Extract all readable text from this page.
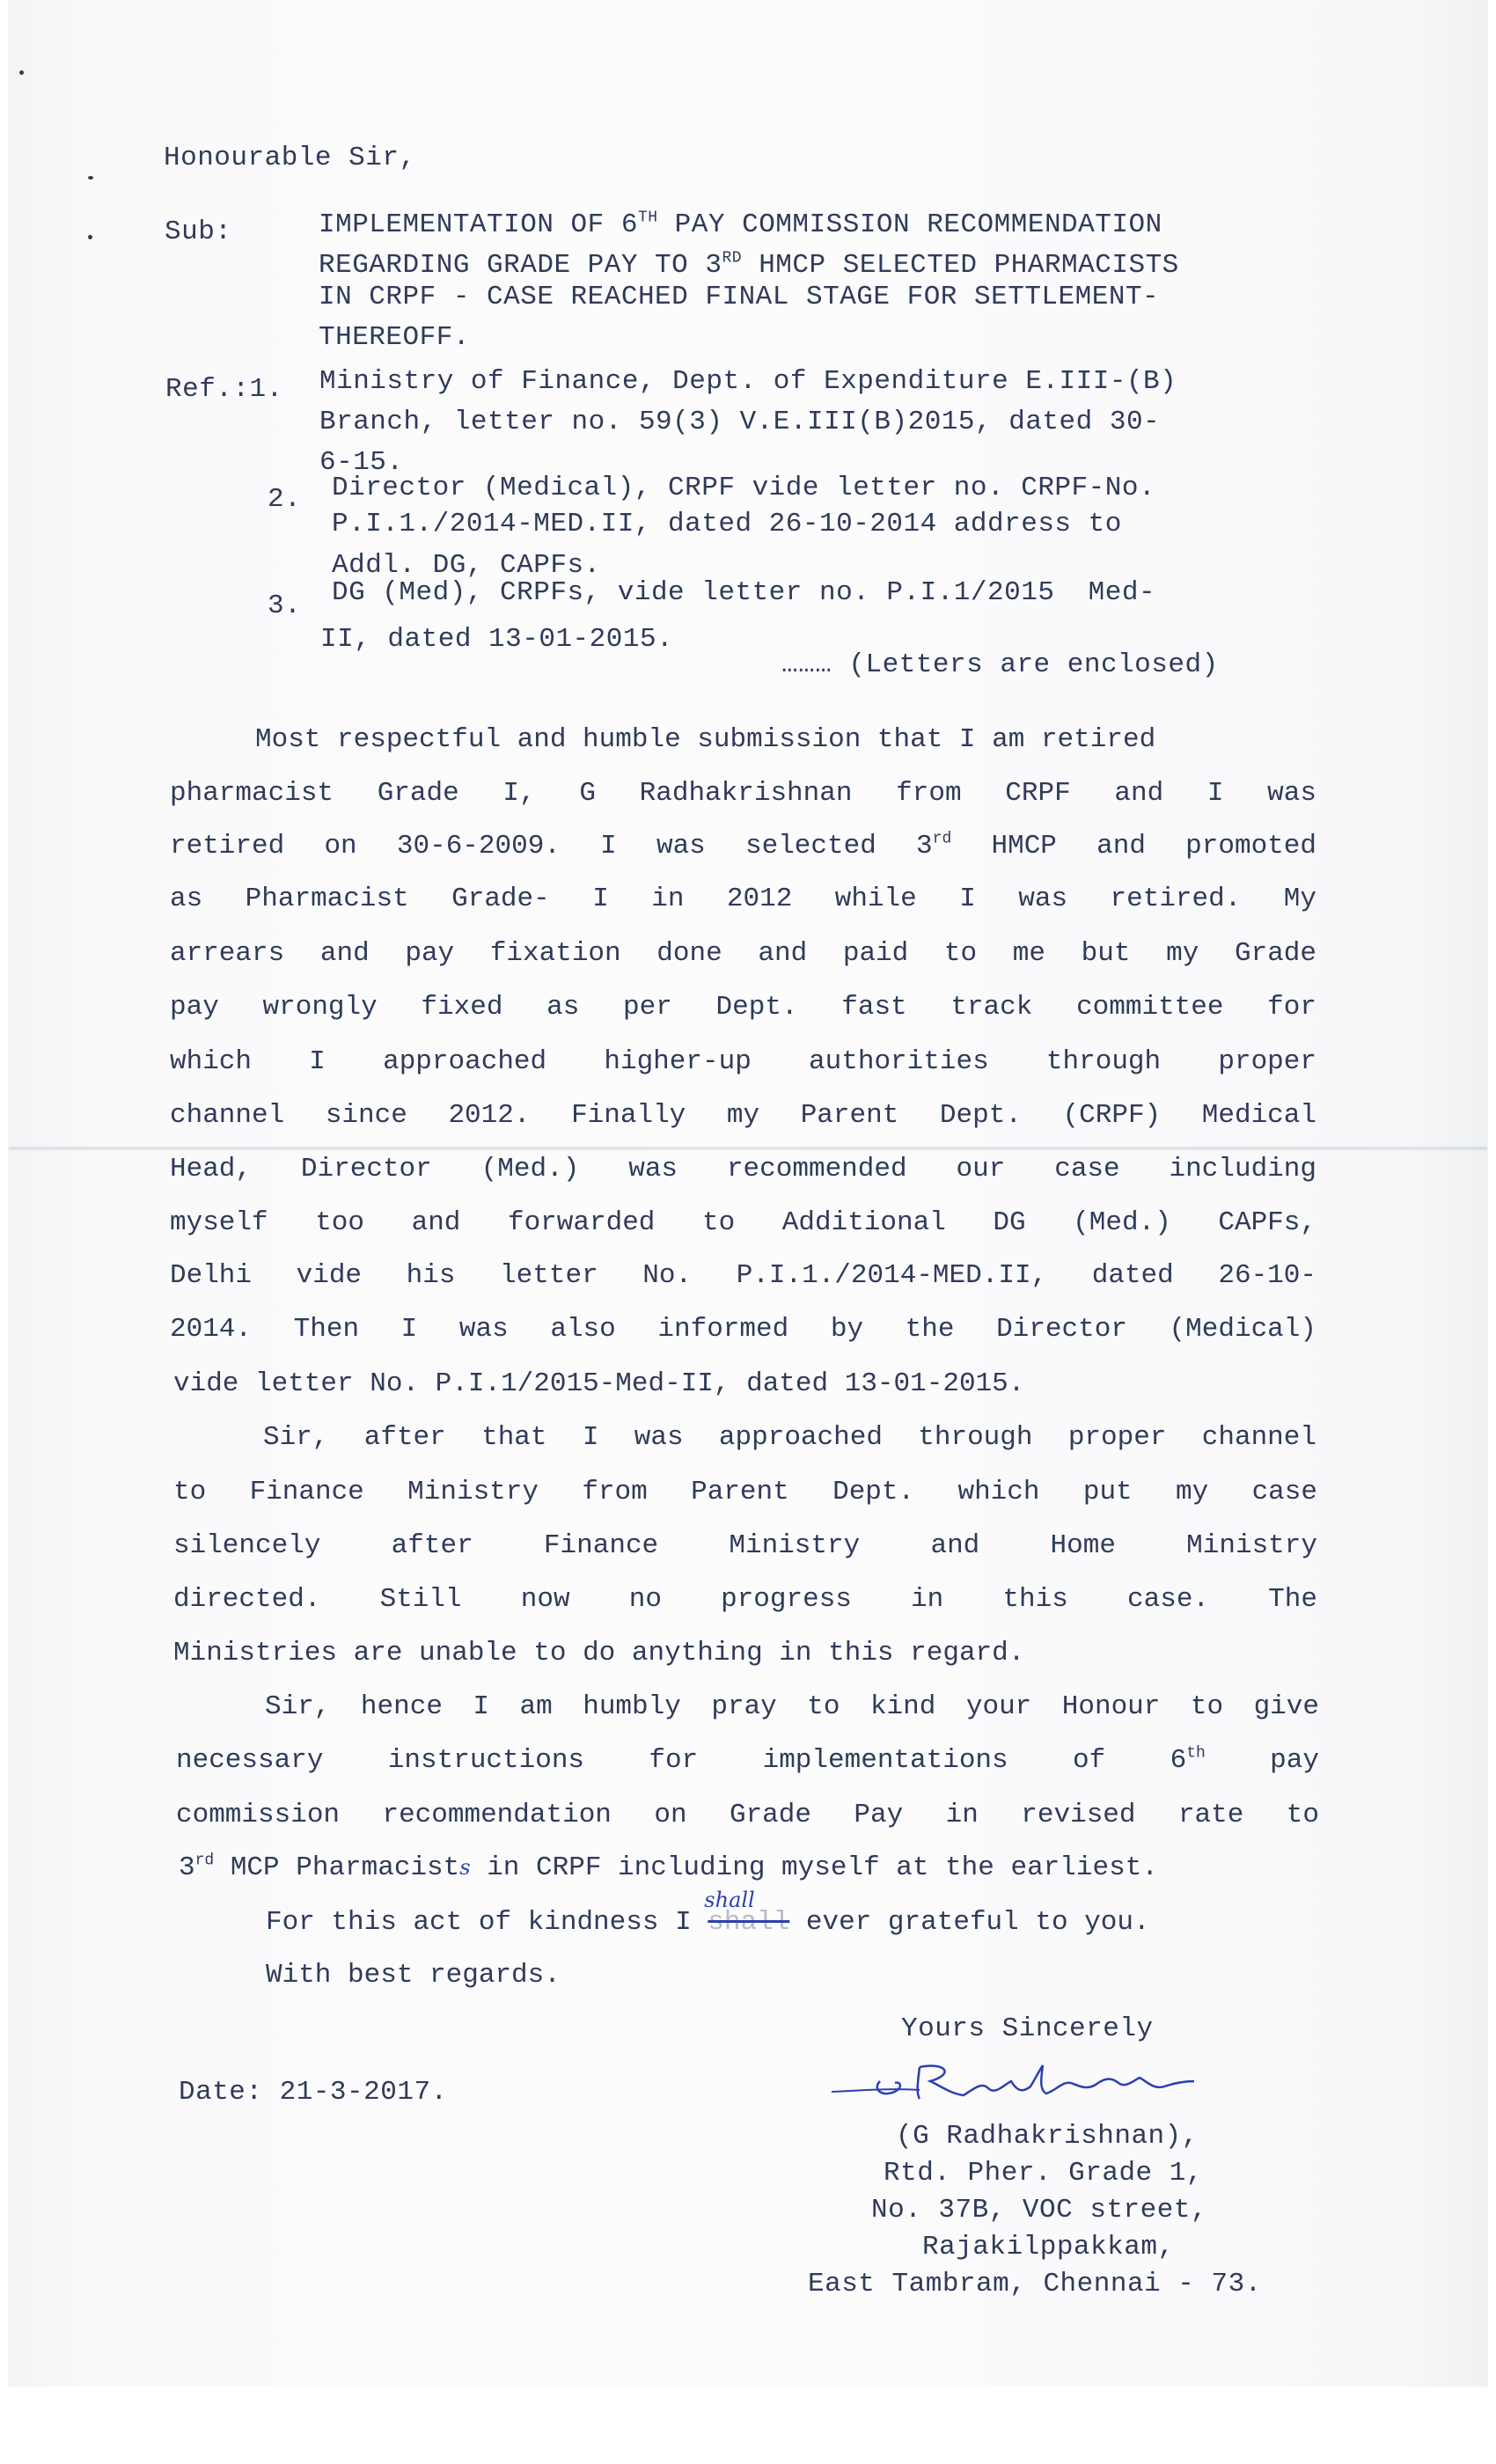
Honourable Sir,
Sub:	IMPLEMENTATION OF 6TH PAY COMMISSION RECOMMENDATION
REGARDING GRADE PAY TO 3RD HMCP SELECTED PHARMACISTS
IN CRPF - CASE REACHED FINAL STAGE FOR SETTLEMENT-
THEREOFF.
Ref.:1. Ministry of Finance, Dept. of Expenditure E.III-(B)
Branch, letter no. 59(3) V.E.III(B)2015, dated 30-
6-15.
2. Director (Medical), CRPF vide letter no. CRPF-No.
P.I.1./2014-MED.II, dated 26-10-2014 address to
Addl. DG, CAPFs.
3. DG (Med), CRPFs, vide letter no. P.I.1/2015  Med-
II, dated 13-01-2015.
……… (Letters are enclosed)
Most respectful and humble submission that I am retired
pharmacist Grade I, G Radhakrishnan from CRPF and I was
retired on 30-6-2009. I was selected 3rd HMCP and promoted
as Pharmacist Grade- I in 2012 while I was retired. My
arrears and pay fixation done and paid to me but my Grade
pay wrongly fixed as per Dept. fast track committee for
which I approached higher-up authorities through proper
channel since 2012. Finally my Parent Dept. (CRPF) Medical
Head, Director (Med.) was recommended our case including
myself too and forwarded to Additional DG (Med.) CAPFs,
Delhi vide his letter No. P.I.1./2014-MED.II, dated 26-10-
2014. Then I was also informed by the Director (Medical)
vide letter No. P.I.1/2015-Med-II, dated 13-01-2015.
Sir, after that I was approached through proper channel
to Finance Ministry from Parent Dept. which put my case
silencely after Finance Ministry and Home Ministry
directed. Still now no progress in this case. The
Ministries are unable to do anything in this regard.
Sir, hence I am humbly pray to kind your Honour to give
necessary instructions for implementations of 6th pay
commission recommendation on Grade Pay in revised rate to
3rd MCP Pharmacists in CRPF including myself at the earliest.
For this act of kindness I shall
shall
ever grateful to you.
With best regards.
Yours Sincerely
Date: 21-3-2017.
(G Radhakrishnan),
Rtd. Pher. Grade 1,
No. 37B, VOC street,
Rajakilppakkam,
East Tambram, Chennai - 73.
